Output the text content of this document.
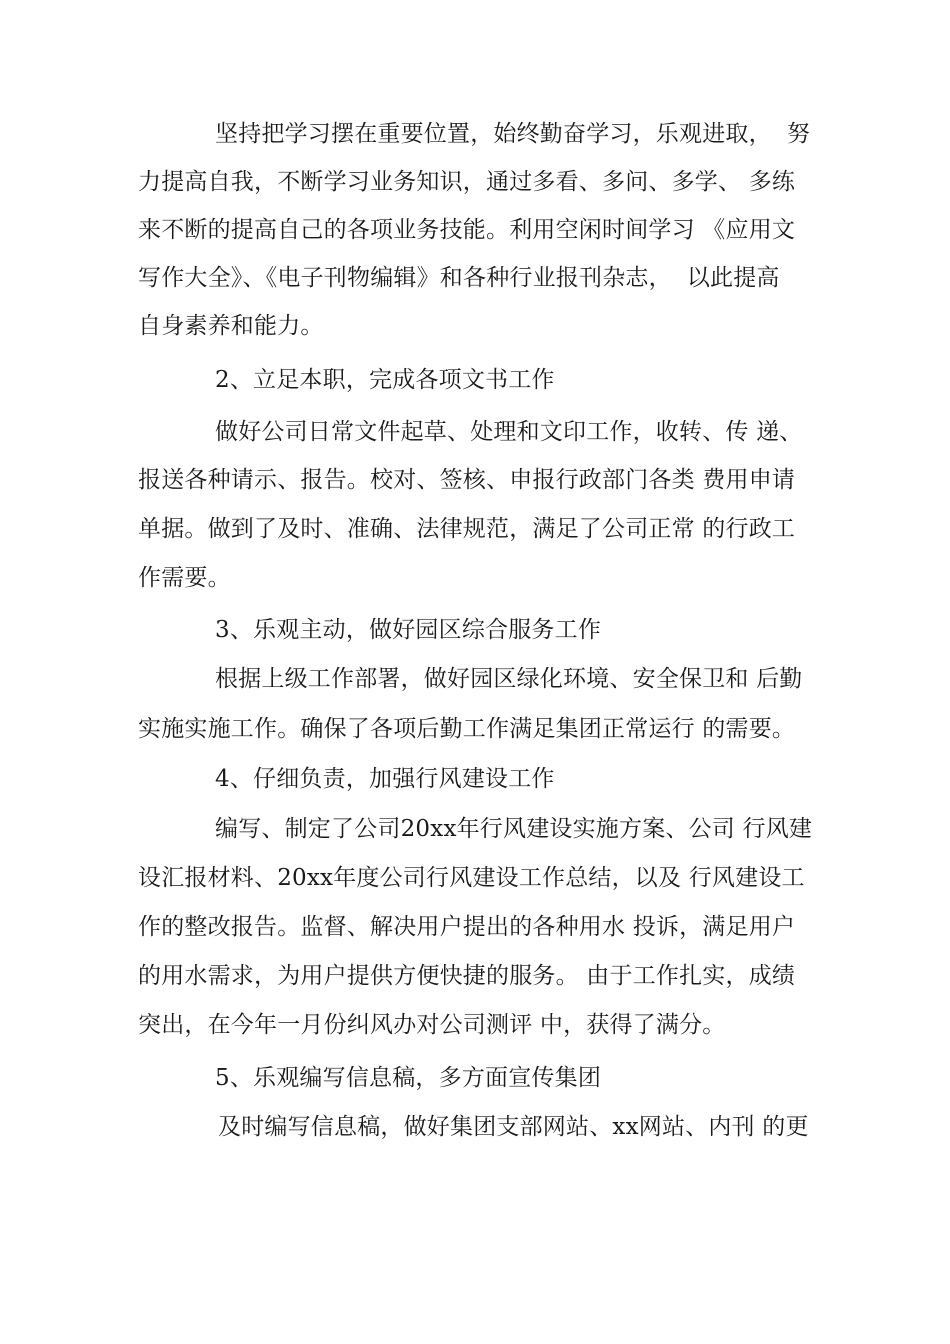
坚持把学习摆在重要位置，始终勤奋学习，乐观进取，  努
力提高自我，不断学习业务知识，通过多看、多问、多学、 多练
来不断的提高自己的各项业务技能。利用空闲时间学习 《应用文
写作大全》、《电子刊物编辑》和各种行业报刊杂志，  以此提高
自身素养和能力。
2、立足本职，完成各项文书工作
做好公司日常文件起草、处理和文印工作，收转、传 递、
报送各种请示、报告。校对、签核、申报行政部门各类 费用申请
单据。做到了及时、准确、法律规范，满足了公司正常 的行政工
作需要。
3、乐观主动，做好园区综合服务工作
根据上级工作部署，做好园区绿化环境、安全保卫和 后勤
实施实施工作。确保了各项后勤工作满足集团正常运行 的需要。
4、仔细负责，加强行风建设工作
编写、制定了公司20xx年行风建设实施方案、公司 行风建
设汇报材料、20xx年度公司行风建设工作总结，以及 行风建设工
作的整改报告。监督、解决用户提出的各种用水 投诉，满足用户
的用水需求，为用户提供方便快捷的服务。 由于工作扎实，成绩
突出，在今年一月份纠风办对公司测评 中，获得了满分。
5、乐观编写信息稿，多方面宣传集团
及时编写信息稿，做好集团支部网站、xx网站、内刊 的更
